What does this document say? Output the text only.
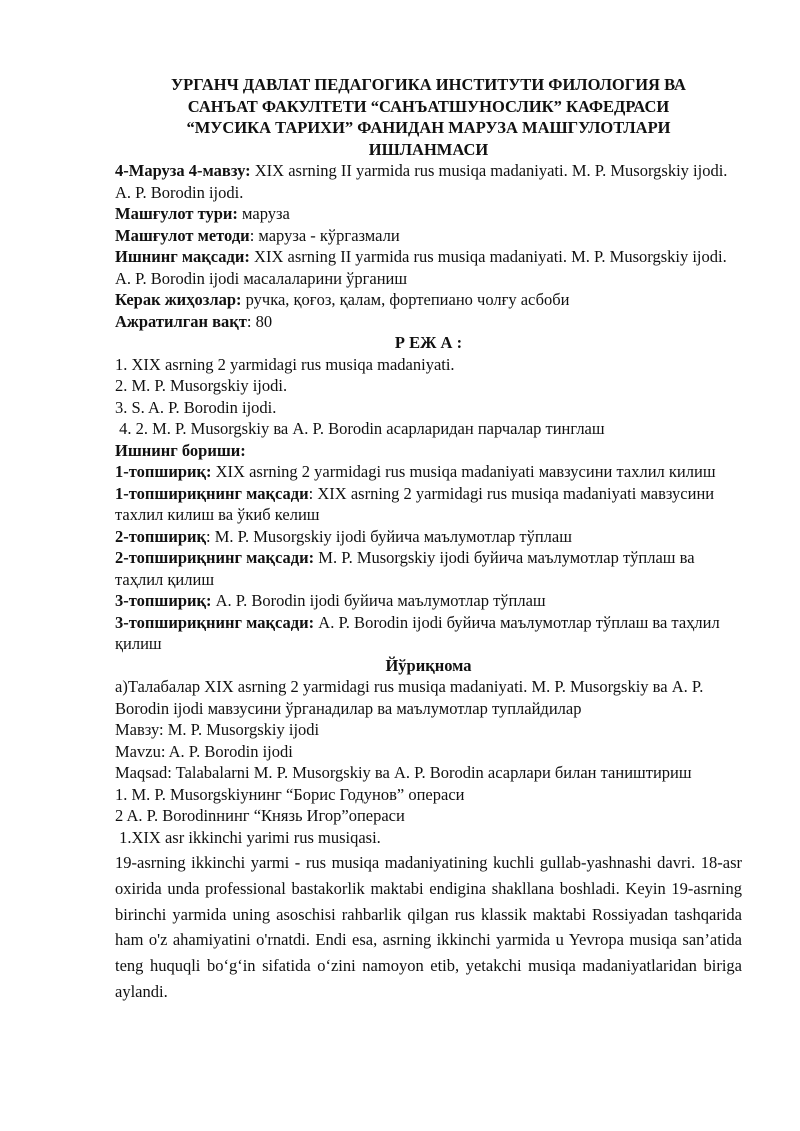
УРГАНЧ ДАВЛАТ ПЕДАГОГИКА ИНСТИТУТИ ФИЛОЛОГИЯ ВА
САНЪАТ ФАКУЛТЕТИ “САНЪАТШУНОСЛИК” КАФЕДРАСИ
“МУСИКА ТАРИХИ” ФАНИДАН МАРУЗА МАШГУЛОТЛАРИ
ИШЛАНМАСИ

4-Маруза 4-мавзу: XIX asrning II yarmida rus musiqa madaniyati. M. P. Musorgskiy ijodi. A. P. Borodin ijodi.

Машғулот тури: маруза

Машғулот методи: маруза - кўргазмали

Ишнинг мақсади: XIX asrning II yarmida rus musiqa madaniyati. M. P. Musorgskiy ijodi. A. P. Borodin ijodi масалаларини ўрганиш

Керак жиҳозлар: ручка, қоғоз, қалам, фортепиано чолғу асбоби

Ажратилган вақт: 80

Р ЕЖ А :

1. XIX asrning 2 yarmidagi rus musiqa madaniyati.

2. M. P. Musorgskiy ijodi.

3. S. A. P. Borodin ijodi.

4. 2. M. P. Musorgskiy ва A. P. Borodin асарларидан парчалар тинглаш

Ишнинг бориши:

1-топшириқ: XIX asrning 2 yarmidagi rus musiqa madaniyati мавзусини тахлил килиш

1-топшириқнинг мақсади: XIX asrning 2 yarmidagi rus musiqa madaniyati мавзусини тахлил килиш ва ўкиб келиш

2-топшириқ: M. P. Musorgskiy ijodi буйича маълумотлар тўплаш

2-топшириқнинг мақсади: M. P. Musorgskiy ijodi буйича маълумотлар тўплаш ва таҳлил қилиш

3-топшириқ: A. P. Borodin ijodi буйича маълумотлар тўплаш

3-топшириқнинг мақсади: A. P. Borodin ijodi буйича маълумотлар тўплаш ва таҳлил қилиш

Йўриқнома

а)Талабалар XIX asrning 2 yarmidagi rus musiqa madaniyati. M. P. Musorgskiy ва A. P. Borodin ijodi мавзусини ўрганадилар ва маълумотлар туплайдилар

Мавзу: M. P. Musorgskiy ijodi

Mavzu: A. P. Borodin ijodi

Maqsad: Talabalarni M. P. Musorgskiy ва A. P. Borodin асарлари билан таништириш

1. M. P. Musorgskiyнинг “Борис Годунов” операси

2 A. P. Borodinнинг “Князь Игор”операси

1.XIX asr ikkinchi yarimi rus musiqasi.

19-asrning ikkinchi yarmi - rus musiqa madaniyatining kuchli gullab-yashnashi davri. 18-asr oxirida unda professional bastakorlik maktabi endigina shakllana boshladi. Keyin 19-asrning birinchi yarmida uning asoschisi rahbarlik qilgan rus klassik maktabi Rossiyadan tashqarida ham o'z ahamiyatini o'rnatdi. Endi esa, asrning ikkinchi yarmida u Yevropa musiqa san’atida teng huquqli bo‘g‘in sifatida o‘zini namoyon etib, yetakchi musiqa madaniyatlaridan biriga aylandi.
